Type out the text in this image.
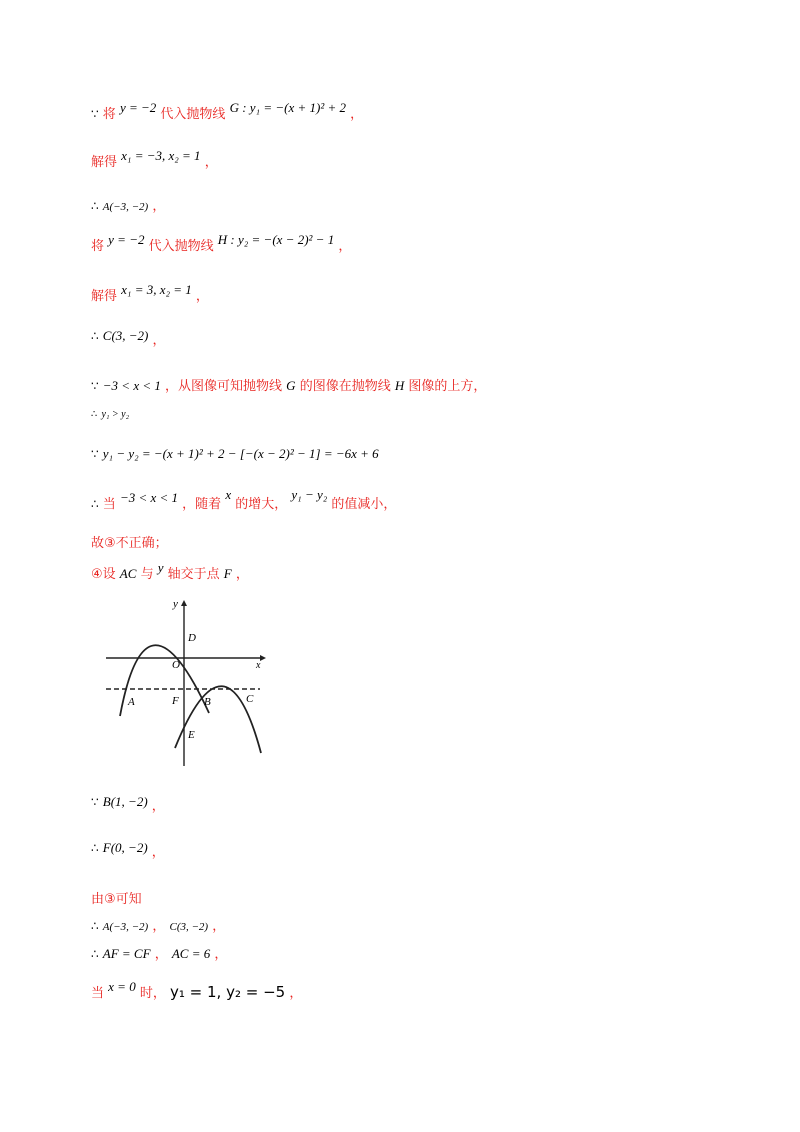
∵ 将 y = −2 代入抛物线 G : y₁ = −(x + 1)² + 2 ，
解得 x₁ = −3, x₂ = 1 ，
∴ A(−3, −2) ，
将 y = −2 代入抛物线 H : y₂ = −(x − 2)² − 1 ，
解得 x₁ = 3, x₂ = 1 ，
∴ C(3, −2) ，
∵ −3 < x < 1 ，从图像可知抛物线 G 的图像在抛物线 H 图像的上方，
∴ y₁ > y₂
∵ y₁ − y₂ = −(x + 1)² + 2 − [−(x − 2)² − 1] = −6x + 6
∴ 当 −3 < x < 1 ，随着 x 的增大， y₁ − y₂ 的值减小，
故③不正确；
④设 AC 与 y 轴交于点 F ，
y
x
O
D
A	F B	C
E
∵ B(1, −2) ，
∴ F(0, −2) ，
由③可知
∴ A(−3, −2) ， C(3, −2) ，
∴ AF = CF ， AC = 6 ，
当 x = 0 时， y₁ = 1, y₂ = −5 ，
